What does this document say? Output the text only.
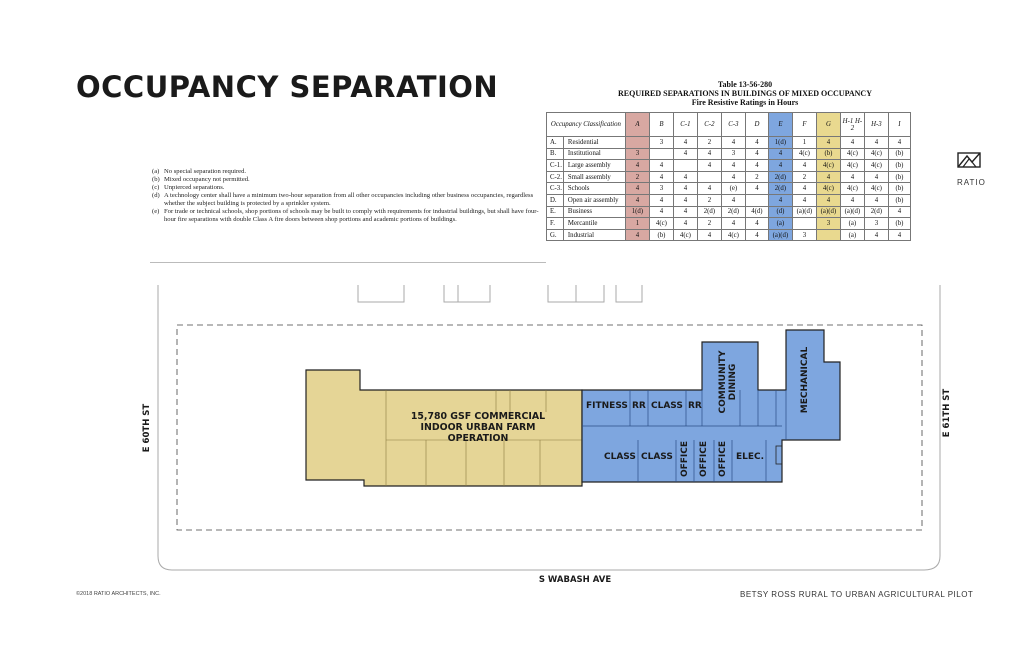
OCCUPANCY SEPARATION
(a) No special separation required.
(b) Mixed occupancy not permitted.
(c) Unpierced separations.
(d) A technology center shall have a minimum two-hour separation from all other occupancies including other business occupancies, regardless whether the subject building is protected by a sprinkler system.
(e) For trade or technical schools, shop portions of schools may be built to comply with requirements for industrial buildings, but shall have four-hour fire separations with double Class A fire doors between shop portions and academic portions of buildings.
Table 13-56-280
REQUIRED SEPARATIONS IN BUILDINGS OF MIXED OCCUPANCY
Fire Resistive Ratings in Hours
Occupancy Classification		A	B	C-1	C-2	C-3	D	E	F	G	H-1 H-2	H-3	I
A.	Residential		3	4	2	4	4	1(d)	1	4	4	4	4
B.	Institutional	3		4	4	3	4	4	4(c)	(b)	4(c)	4(c)	(b)
C-1.	Large assembly	4	4		4	4	4	4	4	4(c)	4(c)	4(c)	(b)
C-2.	Small assembly	2	4	4		4	2	2(d)	2	4	4	4	(b)
C-3.	Schools	4	3	4	4	(e)	4	2(d)	4	4(c)	4(c)	4(c)	(b)
D.	Open air assembly	4	4	4	2	4		4	4	4	4	4	(b)
E.	Business	1(d)	4	4	2(d)	2(d)	4(d)	(d)	(a)(d)	(a)(d)	(a)(d)	2(d)	4
F.	Mercantile	1	4(c)	4	2	4	4	(a)		3	(a)	3	(b)
G.	Industrial	4	(b)	4(c)	4	4(c)	4	(a)(d)	3		(a)	4	4
RATIO
15,780 GSF COMMERCIAL INDOOR URBAN FARM OPERATION
FITNESS RR CLASS RR COMMUNITY DINING	MECHANICAL
CLASS CLASS OFFICE OFFICE OFFICE ELEC.
E 60TH ST	E 61TH ST
S WABASH AVE
©2018 RATIO ARCHITECTS, INC.	BETSY ROSS RURAL TO URBAN AGRICULTURAL PILOT
